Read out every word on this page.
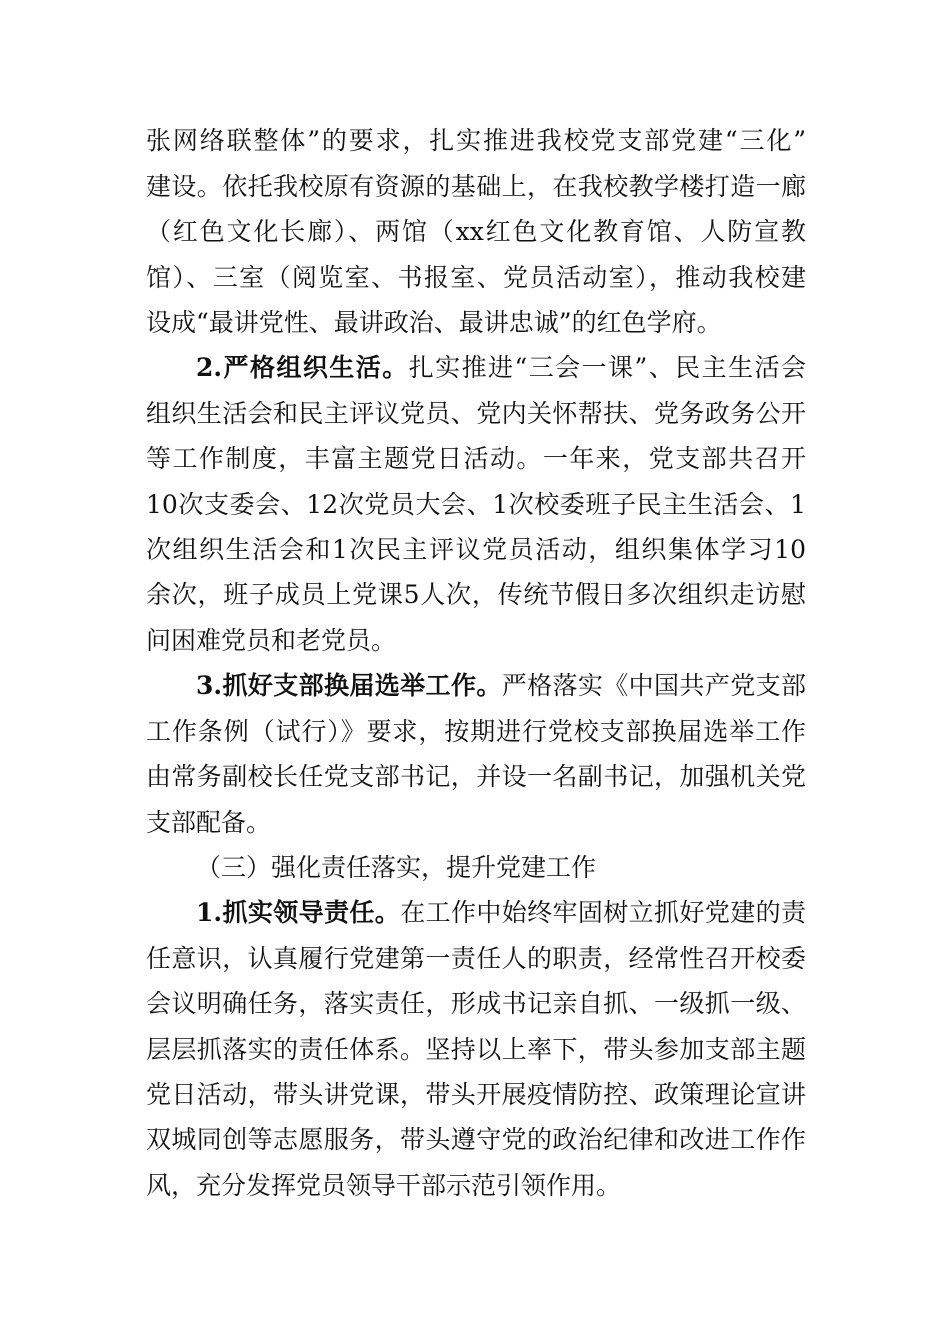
张网络联整体”的要求，扎实推进我校党支部党建“三化”
建设。依托我校原有资源的基础上，在我校教学楼打造一廊
（红色文化长廊）、两馆（xx红色文化教育馆、人防宣教
馆）、三室（阅览室、书报室、党员活动室），推动我校建
设成“最讲党性、最讲政治、最讲忠诚”的红色学府。
2.严格组织生活。扎实推进“三会一课”、民主生活会
组织生活会和民主评议党员、党内关怀帮扶、党务政务公开
等工作制度，丰富主题党日活动。一年来，党支部共召开
10次支委会、12次党员大会、1次校委班子民主生活会、1
次组织生活会和1次民主评议党员活动，组织集体学习10
余次，班子成员上党课5人次，传统节假日多次组织走访慰
问困难党员和老党员。
3.抓好支部换届选举工作。严格落实《中国共产党支部
工作条例（试行）》要求，按期进行党校支部换届选举工作
由常务副校长任党支部书记，并设一名副书记，加强机关党
支部配备。
（三）强化责任落实，提升党建工作
1.抓实领导责任。在工作中始终牢固树立抓好党建的责
任意识，认真履行党建第一责任人的职责，经常性召开校委
会议明确任务，落实责任，形成书记亲自抓、一级抓一级、
层层抓落实的责任体系。坚持以上率下，带头参加支部主题
党日活动，带头讲党课，带头开展疫情防控、政策理论宣讲
双城同创等志愿服务，带头遵守党的政治纪律和改进工作作
风，充分发挥党员领导干部示范引领作用。
